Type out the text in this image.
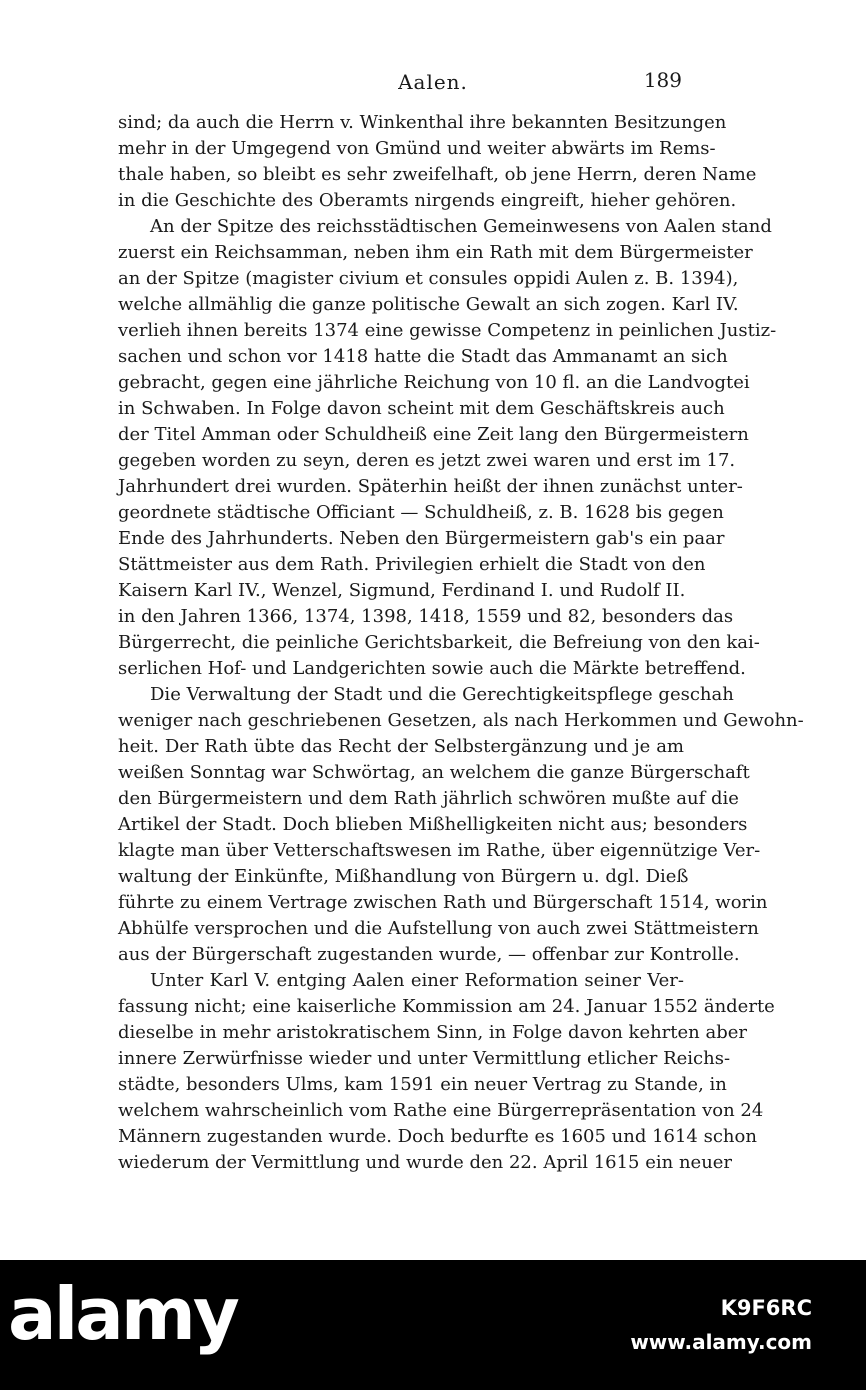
Aalen.	189
sind; da auch die Herrn v. Winkenthal ihre bekannten Besitzungen
mehr in der Umgegend von Gmünd und weiter abwärts im Rems-
thale haben, so bleibt es sehr zweifelhaft, ob jene Herrn, deren Name
in die Geschichte des Oberamts nirgends eingreift, hieher gehören.
An der Spitze des reichsstädtischen Gemeinwesens von Aalen stand
zuerst ein Reichsamman, neben ihm ein Rath mit dem Bürgermeister
an der Spitze (magister civium et consules oppidi Aulen z. B. 1394),
welche allmählig die ganze politische Gewalt an sich zogen. Karl IV.
verlieh ihnen bereits 1374 eine gewisse Competenz in peinlichen Justiz-
sachen und schon vor 1418 hatte die Stadt das Ammanamt an sich
gebracht, gegen eine jährliche Reichung von 10 fl. an die Landvogtei
in Schwaben. In Folge davon scheint mit dem Geschäftskreis auch
der Titel Amman oder Schuldheiß eine Zeit lang den Bürgermeistern
gegeben worden zu seyn, deren es jetzt zwei waren und erst im 17.
Jahrhundert drei wurden. Späterhin heißt der ihnen zunächst unter-
geordnete städtische Officiant — Schuldheiß, z. B. 1628 bis gegen
Ende des Jahrhunderts. Neben den Bürgermeistern gab's ein paar
Stättmeister aus dem Rath. Privilegien erhielt die Stadt von den
Kaisern Karl IV., Wenzel, Sigmund, Ferdinand I. und Rudolf II.
in den Jahren 1366, 1374, 1398, 1418, 1559 und 82, besonders das
Bürgerrecht, die peinliche Gerichtsbarkeit, die Befreiung von den kai-
serlichen Hof- und Landgerichten sowie auch die Märkte betreffend.
Die Verwaltung der Stadt und die Gerechtigkeitspflege geschah
weniger nach geschriebenen Gesetzen, als nach Herkommen und Gewohn-
heit. Der Rath übte das Recht der Selbstergänzung und je am
weißen Sonntag war Schwörtag, an welchem die ganze Bürgerschaft
den Bürgermeistern und dem Rath jährlich schwören mußte auf die
Artikel der Stadt. Doch blieben Mißhelligkeiten nicht aus; besonders
klagte man über Vetterschaftswesen im Rathe, über eigennützige Ver-
waltung der Einkünfte, Mißhandlung von Bürgern u. dgl. Dieß
führte zu einem Vertrage zwischen Rath und Bürgerschaft 1514, worin
Abhülfe versprochen und die Aufstellung von auch zwei Stättmeistern
aus der Bürgerschaft zugestanden wurde, — offenbar zur Kontrolle.
Unter Karl V. entging Aalen einer Reformation seiner Ver-
fassung nicht; eine kaiserliche Kommission am 24. Januar 1552 änderte
dieselbe in mehr aristokratischem Sinn, in Folge davon kehrten aber
innere Zerwürfnisse wieder und unter Vermittlung etlicher Reichs-
städte, besonders Ulms, kam 1591 ein neuer Vertrag zu Stande, in
welchem wahrscheinlich vom Rathe eine Bürgerrepräsentation von 24
Männern zugestanden wurde. Doch bedurfte es 1605 und 1614 schon
wiederum der Vermittlung und wurde den 22. April 1615 ein neuer
alamy	K9F6RC
www.alamy.com
